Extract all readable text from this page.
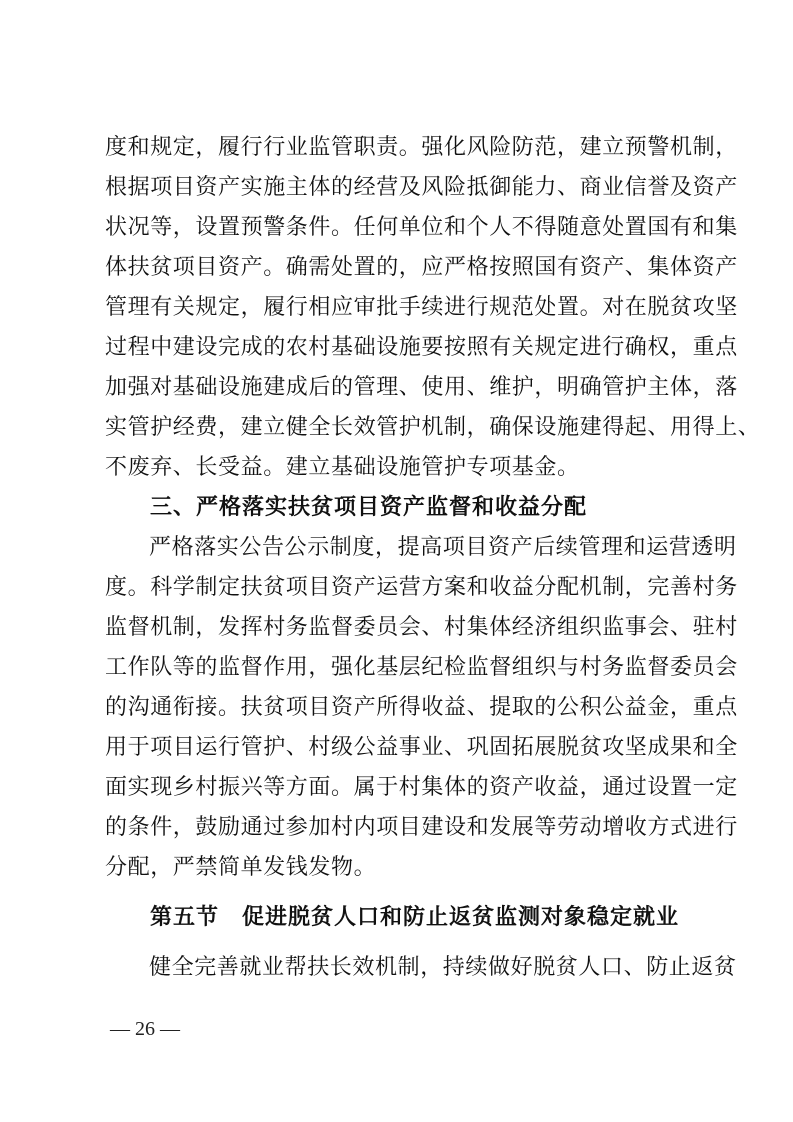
度和规定，履行行业监管职责。强化风险防范，建立预警机制，
根据项目资产实施主体的经营及风险抵御能力、商业信誉及资产
状况等，设置预警条件。任何单位和个人不得随意处置国有和集
体扶贫项目资产。确需处置的，应严格按照国有资产、集体资产
管理有关规定，履行相应审批手续进行规范处置。对在脱贫攻坚
过程中建设完成的农村基础设施要按照有关规定进行确权，重点
加强对基础设施建成后的管理、使用、维护，明确管护主体，落
实管护经费，建立健全长效管护机制，确保设施建得起、用得上、
不废弃、长受益。建立基础设施管护专项基金。
三、严格落实扶贫项目资产监督和收益分配
严格落实公告公示制度，提高项目资产后续管理和运营透明
度。科学制定扶贫项目资产运营方案和收益分配机制，完善村务
监督机制，发挥村务监督委员会、村集体经济组织监事会、驻村
工作队等的监督作用，强化基层纪检监督组织与村务监督委员会
的沟通衔接。扶贫项目资产所得收益、提取的公积公益金，重点
用于项目运行管护、村级公益事业、巩固拓展脱贫攻坚成果和全
面实现乡村振兴等方面。属于村集体的资产收益，通过设置一定
的条件，鼓励通过参加村内项目建设和发展等劳动增收方式进行
分配，严禁简单发钱发物。
第五节　促进脱贫人口和防止返贫监测对象稳定就业
健全完善就业帮扶长效机制，持续做好脱贫人口、防止返贫
— 26 —
